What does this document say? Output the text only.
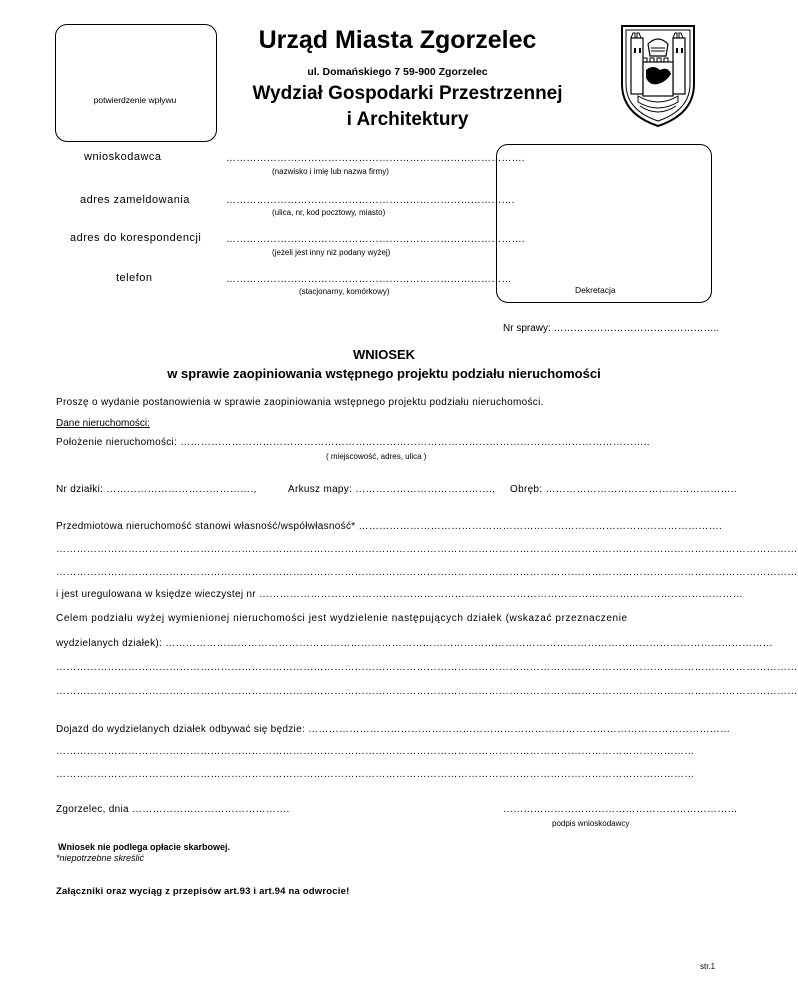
potwierdzenie wpływu
Urząd Miasta Zgorzelec
ul. Domańskiego 7 59-900 Zgorzelec
Wydział Gospodarki Przestrzennej
i Architektury
wnioskodawca	…………………………………………………………………………….
(nazwisko i imię lub nazwa firmy)
adres zameldowania	………………………………………………………………………….
(ulica, nr, kod pocztowy, miasto)
adres do korespondencji …………………………………………………………………………….
(jeżeli jest inny niż podany wyżej)
telefon	…………………………………………………………………………
(stacjonarny, komórkowy)	Dekretacja
Nr sprawy: …………………………………………..
WNIOSEK
w sprawie zaopiniowania wstępnego projektu podziału nieruchomości
Proszę o wydanie postanowienia w sprawie zaopiniowania wstępnego projektu podziału nieruchomości.
Dane nieruchomości:
Położenie nieruchomości: ………………………………………………………………………………………………………………………..
( miejscowość, adres, ulica )
Nr działki: …………………………………….,	Arkusz mapy: …………………………………., Obręb: ………………………………………………..
Przedmiotowa nieruchomość stanowi własność/współwłasność* …………………………………………………………………………………………….
………………………………………………………………………………………………………………………………………………………………………………………………
………………………………………………………………………………………………………………………………………………………………………………………………
i jest uregulowana w księdze wieczystej nr ……………………………………………………………………………………………………………………………
Celem podziału wyżej wymienionej nieruchomości jest wydzielenie następujących działek (wskazać przeznaczenie
wydzielanych działek): ……………………………………………………………………………………………………………………………………………………………
………………………………………………………………………………………………………………………………………………………………………………………………
………………………………………………………………………………………………………………………………………………………………………………………………
Dojazd do wydzielanych działek odbywać się będzie: ……………………………………………………………………………………………………………
……………………………………………………………………………………………………………………………………………………………………
……………………………………………………………………………………………………………………………………………………………………
Zgorzelec, dnia ……………………………………….	……………………………………………………………
podpis wnioskodawcy
Wniosek nie podlega opłacie skarbowej.
*niepotrzebne skreślić
Załączniki oraz wyciąg z przepisów art.93 i art.94 na odwrocie!
str.1
